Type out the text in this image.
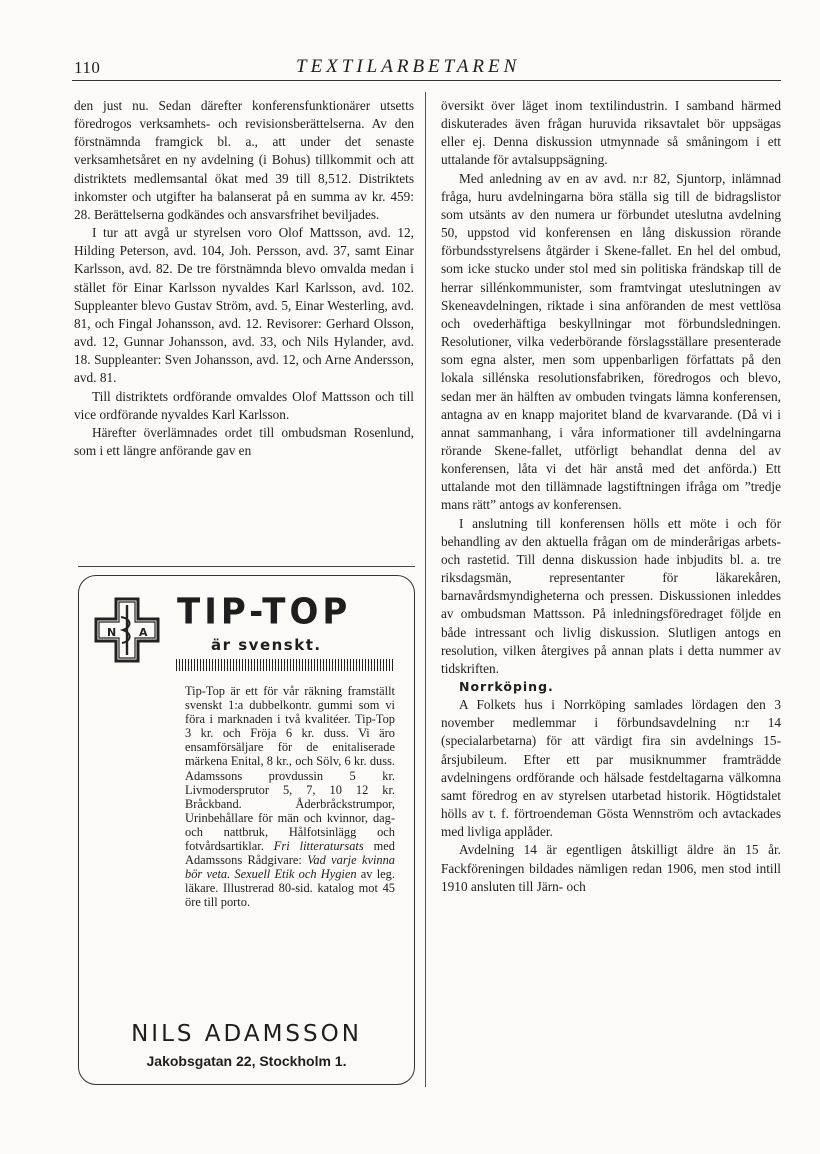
110	TEXTILARBETAREN

den just nu. Sedan därefter konferensfunktionärer utsetts föredrogos verksamhets- och revisionsberättelserna. Av den förstnämnda framgick bl. a., att under det senaste verksamhetsåret en ny avdelning (i Bohus) tillkommit och att distriktets medlemsantal ökat med 39 till 8,512. Distriktets inkomster och utgifter ha balanserat på en summa av kr. 459: 28. Berättelserna godkändes och ansvarsfrihet beviljades.

I tur att avgå ur styrelsen voro Olof Mattsson, avd. 12, Hilding Peterson, avd. 104, Joh. Persson, avd. 37, samt Einar Karlsson, avd. 82. De tre förstnämnda blevo omvalda medan i stället för Einar Karlsson nyvaldes Karl Karlsson, avd. 102. Suppleanter blevo Gustav Ström, avd. 5, Einar Westerling, avd. 81, och Fingal Johansson, avd. 12. Revisorer: Gerhard Olsson, avd. 12, Gunnar Johansson, avd. 33, och Nils Hylander, avd. 18. Suppleanter: Sven Johansson, avd. 12, och Arne Andersson, avd. 81.

Till distriktets ordförande omvaldes Olof Mattsson och till vice ordförande nyvaldes Karl Karlsson.

Härefter överlämnades ordet till ombudsman Rosenlund, som i ett längre anförande gav en

N A TIP-TOP
är svenskt.
Tip-Top är ett för vår räkning framställt svenskt 1:a dubbelkontr. gummi som vi föra i marknaden i två kvalitéer. Tip-Top 3 kr. och Fröja 6 kr. duss. Vi äro ensamförsäljare för de enitaliserade märkena Enital, 8 kr., och Sölv, 6 kr. duss. Adamssons provdussin 5 kr. Livmodersprutor 5, 7, 10 12 kr. Bråckband. Åderbråckstrumpor, Urinbehållare för män och kvinnor, dag- och nattbruk, Hålfotsinlägg och fotvårdsartiklar. Fri litteratursats med Adamssons Rådgivare: Vad varje kvinna bör veta. Sexuell Etik och Hygien av leg. läkare. Illustrerad 80-sid. katalog mot 45 öre till porto.
NILS ADAMSSON
Jakobsgatan 22, Stockholm 1.

översikt över läget inom textilindustrin. I samband härmed diskuterades även frågan huruvida riksavtalet bör uppsägas eller ej. Denna diskussion utmynnade så småningom i ett uttalande för avtalsuppsägning.

Med anledning av en av avd. n:r 82, Sjuntorp, inlämnad fråga, huru avdelningarna böra ställa sig till de bidragslistor som utsänts av den numera ur förbundet uteslutna avdelning 50, uppstod vid konferensen en lång diskussion rörande förbundsstyrelsens åtgärder i Skene-fallet. En hel del ombud, som icke stucko under stol med sin politiska frändskap till de herrar sillénkommunister, som framtvingat uteslutningen av Skeneavdelningen, riktade i sina anföranden de mest vettlösa och ovederhäftiga beskyllningar mot förbundsledningen. Resolutioner, vilka vederbörande förslagsställare presenterade som egna alster, men som uppenbarligen författats på den lokala sillénska resolutionsfabriken, föredrogos och blevo, sedan mer än hälften av ombuden tvingats lämna konferensen, antagna av en knapp majoritet bland de kvarvarande. (Då vi i annat sammanhang, i våra informationer till avdelningarna rörande Skene-fallet, utförligt behandlat denna del av konferensen, låta vi det här anstå med det anförda.) Ett uttalande mot den tillämnade lagstiftningen ifråga om ”tredje mans rätt” antogs av konferensen.

I anslutning till konferensen hölls ett möte i och för behandling av den aktuella frågan om de minderårigas arbets- och rastetid. Till denna diskussion hade inbjudits bl. a. tre riksdagsmän, representanter för läkarekåren, barnavårdsmyndigheterna och pressen. Diskussionen inleddes av ombudsman Mattsson. På inledningsföredraget följde en både intressant och livlig diskussion. Slutligen antogs en resolution, vilken återgives på annan plats i detta nummer av tidskriften.

Norrköping.

A Folkets hus i Norrköping samlades lördagen den 3 november medlemmar i förbundsavdelning n:r 14 (specialarbetarna) för att värdigt fira sin avdelnings 15-årsjubileum. Efter ett par musiknummer framträdde avdelningens ordförande och hälsade festdeltagarna välkomna samt föredrog en av styrelsen utarbetad historik. Högtidstalet hölls av t. f. förtroendeman Gösta Wennström och avtackades med livliga applåder.

Avdelning 14 är egentligen åtskilligt äldre än 15 år. Fackföreningen bildades nämligen redan 1906, men stod intill 1910 ansluten till Järn- och
